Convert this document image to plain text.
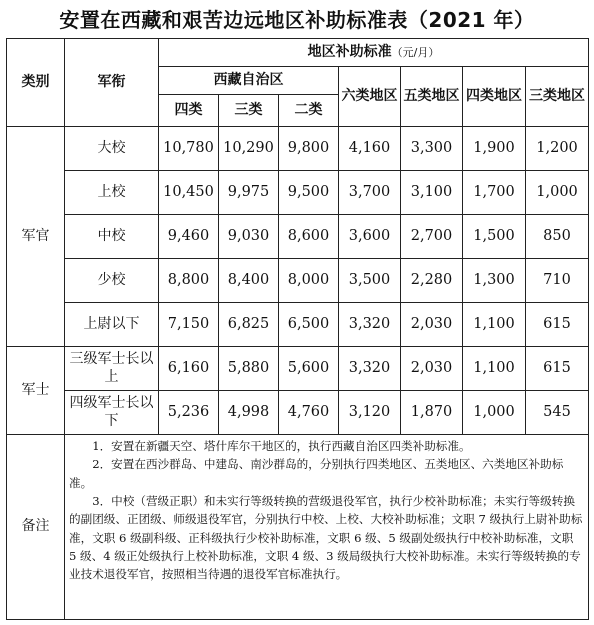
安置在西藏和艰苦边远地区补助标准表（2021 年）
类别	军衔	地区补助标准（元/月）						
		西藏自治区			六类地区	五类地区	四类地区	三类地区
		四类	三类	二类				
军官	大校	10,780	10,290	9,800	4,160	3,300	1,900	1,200
	上校	10,450	9,975	9,500	3,700	3,100	1,700	1,000
	中校	9,460	9,030	8,600	3,600	2,700	1,500	850
	少校	8,800	8,400	8,000	3,500	2,280	1,300	710
	上尉以下	7,150	6,825	6,500	3,320	2,030	1,100	615
军士	三级军士长以上	6,160	5,880	5,600	3,320	2,030	1,100	615
	四级军士长以下	5,236	4,998	4,760	3,120	1,870	1,000	545
备注	1．安置在新疆天空、塔什库尔干地区的，执行西藏自治区四类补助标准。

2．安置在西沙群岛、中建岛、南沙群岛的，分别执行四类地区、五类地区、六类地区补助标准。

3．中校（营级正职）和未实行等级转换的营级退役军官，执行少校补助标准；未实行等级转换的副团级、正团级、师级退役军官，分别执行中校、上校、大校补助标准；文职 7 级执行上尉补助标准，文职 6 级副科级、正科级执行少校补助标准，文职 6 级、5 级副处级执行中校补助标准，文职 5 级、4 级正处级执行上校补助标准，文职 4 级、3 级局级执行大校补助标准。未实行等级转换的专业技术退役军官，按照相当待遇的退役军官标准执行。							
